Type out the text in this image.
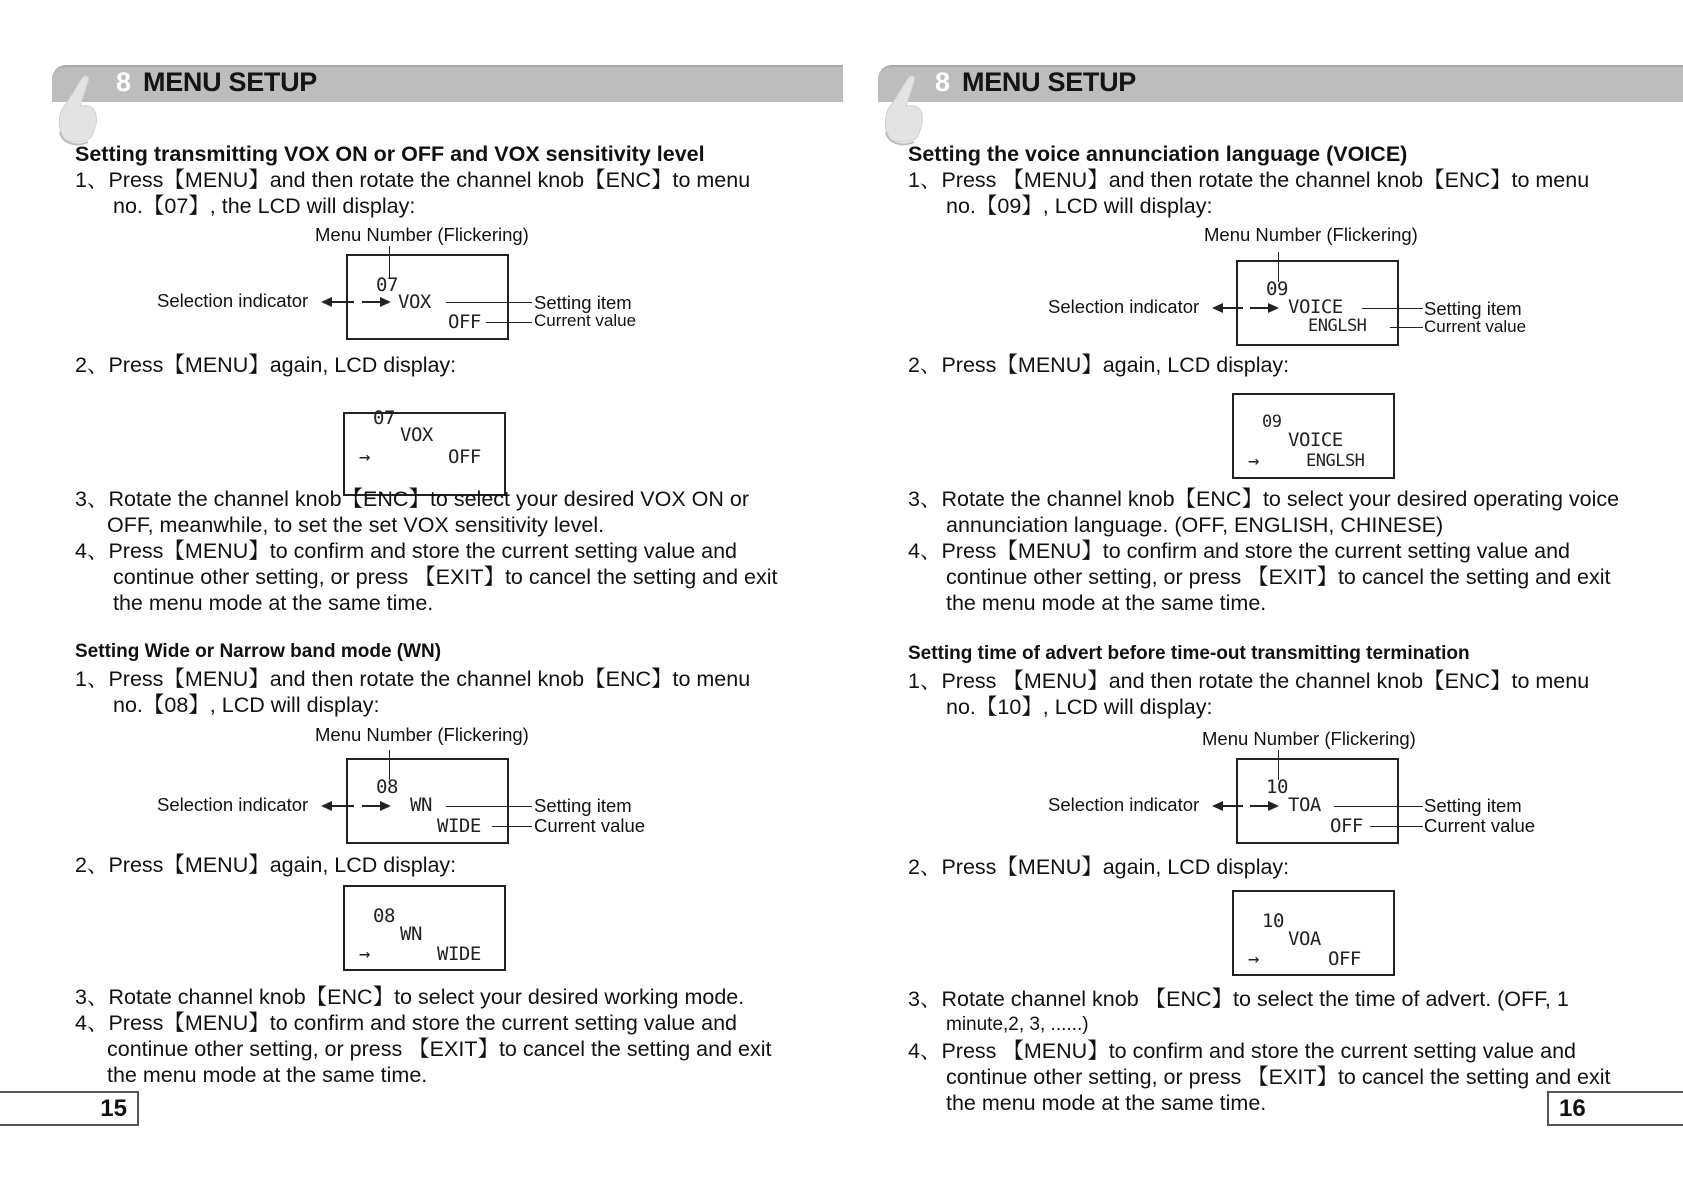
8 MENU SETUP
Setting transmitting VOX ON or OFF and VOX sensitivity level
1、Press【MENU】and then rotate the channel knob【ENC】to menu
no.【07】, the LCD will display:
Menu Number (Flickering)
07
VOX
OFF
Selection indicator	Setting item
Current value
2、Press【MENU】again, LCD display:
07
VOX
→	OFF
3、Rotate the channel knob【ENC】to select your desired VOX ON or
OFF, meanwhile, to set the set VOX sensitivity level.
4、Press【MENU】to confirm and store the current setting value and
continue other setting, or press 【EXIT】to cancel the setting and exit
the menu mode at the same time.
Setting Wide or Narrow band mode (WN)
1、Press【MENU】and then rotate the channel knob【ENC】to menu
no.【08】, LCD will display:
Menu Number (Flickering)
08
WN
WIDE
Selection indicator	Setting item
Current value
2、Press【MENU】again, LCD display:
08
WN
→	WIDE
3、Rotate channel knob【ENC】to select your desired working mode.
4、Press【MENU】to confirm and store the current setting value and
continue other setting, or press 【EXIT】to cancel the setting and exit
the menu mode at the same time.
15
8 MENU SETUP
Setting the voice annunciation language (VOICE)
1、Press 【MENU】and then rotate the channel knob【ENC】to menu
no.【09】, LCD will display:
Menu Number (Flickering)
09
VOICE
ENGLSH
Selection indicator	Setting item
Current value
2、Press【MENU】again, LCD display:
09
VOICE
→	ENGLSH
3、Rotate the channel knob【ENC】to select your desired operating voice
annunciation language. (OFF, ENGLISH, CHINESE)
4、Press【MENU】to confirm and store the current setting value and
continue other setting, or press 【EXIT】to cancel the setting and exit
the menu mode at the same time.
Setting time of advert before time-out transmitting termination
1、Press 【MENU】and then rotate the channel knob【ENC】to menu
no.【10】, LCD will display:
Menu Number (Flickering)
10
TOA
OFF
Selection indicator	Setting item
Current value
2、Press【MENU】again, LCD display:
10
VOA
→	OFF
3、Rotate channel knob 【ENC】to select the time of advert. (OFF, 1
minute,2, 3, ......)
4、Press 【MENU】to confirm and store the current setting value and
continue other setting, or press 【EXIT】to cancel the setting and exit
the menu mode at the same time.	16
